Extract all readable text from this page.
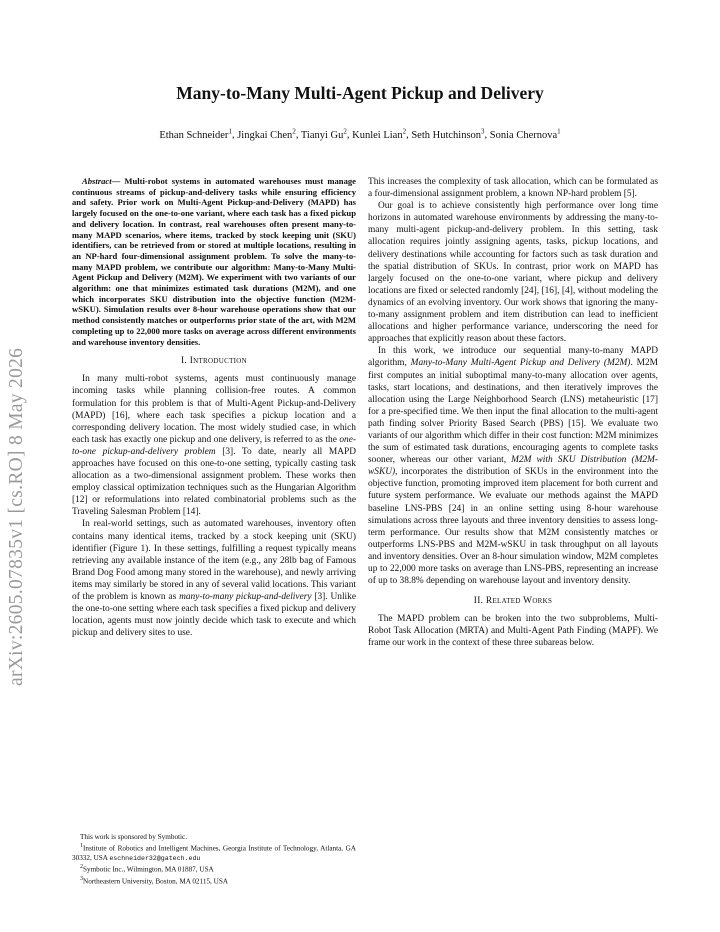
arXiv:2605.07835v1 [cs.RO] 8 May 2026
Many-to-Many Multi-Agent Pickup and Delivery
Ethan Schneider$^1$, Jingkai Chen$^2$, Tianyi Gu$^2$, Kunlei Lian$^2$, Seth Hutchinson$^3$, Sonia Chernova$^1$

Abstract— Multi-robot systems in automated warehouses must manage continuous streams of pickup-and-delivery tasks while ensuring efficiency and safety. Prior work on Multi-Agent Pickup-and-Delivery (MAPD) has largely focused on the one-to-one variant, where each task has a fixed pickup and delivery location. In contrast, real warehouses often present many-to-many MAPD scenarios, where items, tracked by stock keeping unit (SKU) identifiers, can be retrieved from or stored at multiple locations, resulting in an NP-hard four-dimensional assignment problem. To solve the many-to-many MAPD problem, we contribute our algorithm: Many-to-Many Multi-Agent Pickup and Delivery (M2M). We experiment with two variants of our algorithm: one that minimizes estimated task durations (M2M), and one which incorporates SKU distribution into the objective function (M2M-wSKU). Simulation results over 8-hour warehouse operations show that our method consistently matches or outperforms prior state of the art, with M2M completing up to 22,000 more tasks on average across different environments and warehouse inventory densities.

I. Introduction

In many multi-robot systems, agents must continuously manage incoming tasks while planning collision-free routes. A common formulation for this problem is that of Multi-Agent Pickup-and-Delivery (MAPD) [16], where each task specifies a pickup location and a corresponding delivery location. The most widely studied case, in which each task has exactly one pickup and one delivery, is referred to as the one-to-one pickup-and-delivery problem [3]. To date, nearly all MAPD approaches have focused on this one-to-one setting, typically casting task allocation as a two-dimensional assignment problem. These works then employ classical optimization techniques such as the Hungarian Algorithm [12] or reformulations into related combinatorial problems such as the Traveling Salesman Problem [14].

In real-world settings, such as automated warehouses, inventory often contains many identical items, tracked by a stock keeping unit (SKU) identifier (Figure 1). In these settings, fulfilling a request typically means retrieving any available instance of the item (e.g., any 28lb bag of Famous Brand Dog Food among many stored in the warehouse), and newly arriving items may similarly be stored in any of several valid locations. This variant of the problem is known as many-to-many pickup-and-delivery [3]. Unlike the one-to-one setting where each task specifies a fixed pickup and delivery location, agents must now jointly decide which task to execute and which pickup and delivery sites to use.

This work is sponsored by Symbotic.

$^1$Institute of Robotics and Intelligent Machines, Georgia Institute of Technology, Atlanta, GA 30332, USA eschneider32@gatech.edu

$^2$Symbotic Inc., Wilmington, MA 01887, USA

$^3$Northeastern University, Boston, MA 02115, USA

This increases the complexity of task allocation, which can be formulated as a four-dimensional assignment problem, a known NP-hard problem [5].

Our goal is to achieve consistently high performance over long time horizons in automated warehouse environments by addressing the many-to-many multi-agent pickup-and-delivery problem. In this setting, task allocation requires jointly assigning agents, tasks, pickup locations, and delivery destinations while accounting for factors such as task duration and the spatial distribution of SKUs. In contrast, prior work on MAPD has largely focused on the one-to-one variant, where pickup and delivery locations are fixed or selected randomly [24], [16], [4], without modeling the dynamics of an evolving inventory. Our work shows that ignoring the many-to-many assignment problem and item distribution can lead to inefficient allocations and higher performance variance, underscoring the need for approaches that explicitly reason about these factors.

In this work, we introduce our sequential many-to-many MAPD algorithm, Many-to-Many Multi-Agent Pickup and Delivery (M2M). M2M first computes an initial suboptimal many-to-many allocation over agents, tasks, start locations, and destinations, and then iteratively improves the allocation using the Large Neighborhood Search (LNS) metaheuristic [17] for a pre-specified time. We then input the final allocation to the multi-agent path finding solver Priority Based Search (PBS) [15]. We evaluate two variants of our algorithm which differ in their cost function: M2M minimizes the sum of estimated task durations, encouraging agents to complete tasks sooner, whereas our other variant, M2M with SKU Distribution (M2M-wSKU), incorporates the distribution of SKUs in the environment into the objective function, promoting improved item placement for both current and future system performance. We evaluate our methods against the MAPD baseline LNS-PBS [24] in an online setting using 8-hour warehouse simulations across three layouts and three inventory densities to assess long-term performance. Our results show that M2M consistently matches or outperforms LNS-PBS and M2M-wSKU in task throughput on all layouts and inventory densities. Over an 8-hour simulation window, M2M completes up to 22,000 more tasks on average than LNS-PBS, representing an increase of up to 38.8% depending on warehouse layout and inventory density.

II. Related Works

The MAPD problem can be broken into the two subproblems, Multi-Robot Task Allocation (MRTA) and Multi-Agent Path Finding (MAPF). We frame our work in the context of these three subareas below.
